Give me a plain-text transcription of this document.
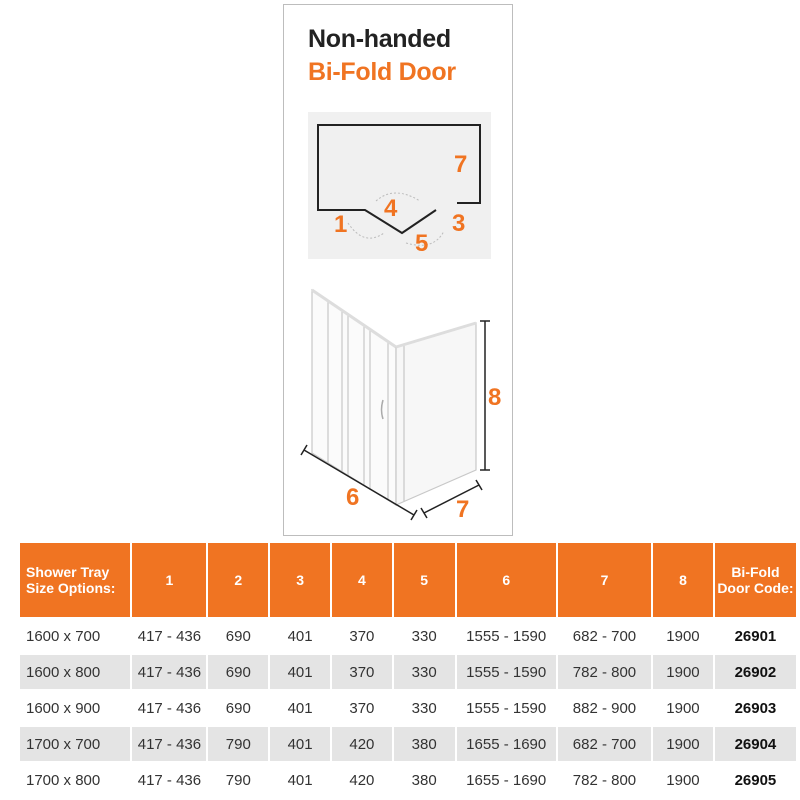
Non-handed
Bi-Fold Door
1
4
5
3
7
6	7
8
Shower Tray Size Options:	1	2	3	4	5	6	7	8	Bi-Fold Door Code:
1600 x 700	417 - 436	690	401	370	330	1555 - 1590	682 - 700	1900	26901
1600 x 800	417 - 436	690	401	370	330	1555 - 1590	782 - 800	1900	26902
1600 x 900	417 - 436	690	401	370	330	1555 - 1590	882 - 900	1900	26903
1700 x 700	417 - 436	790	401	420	380	1655 - 1690	682 - 700	1900	26904
1700 x 800	417 - 436	790	401	420	380	1655 - 1690	782 - 800	1900	26905
